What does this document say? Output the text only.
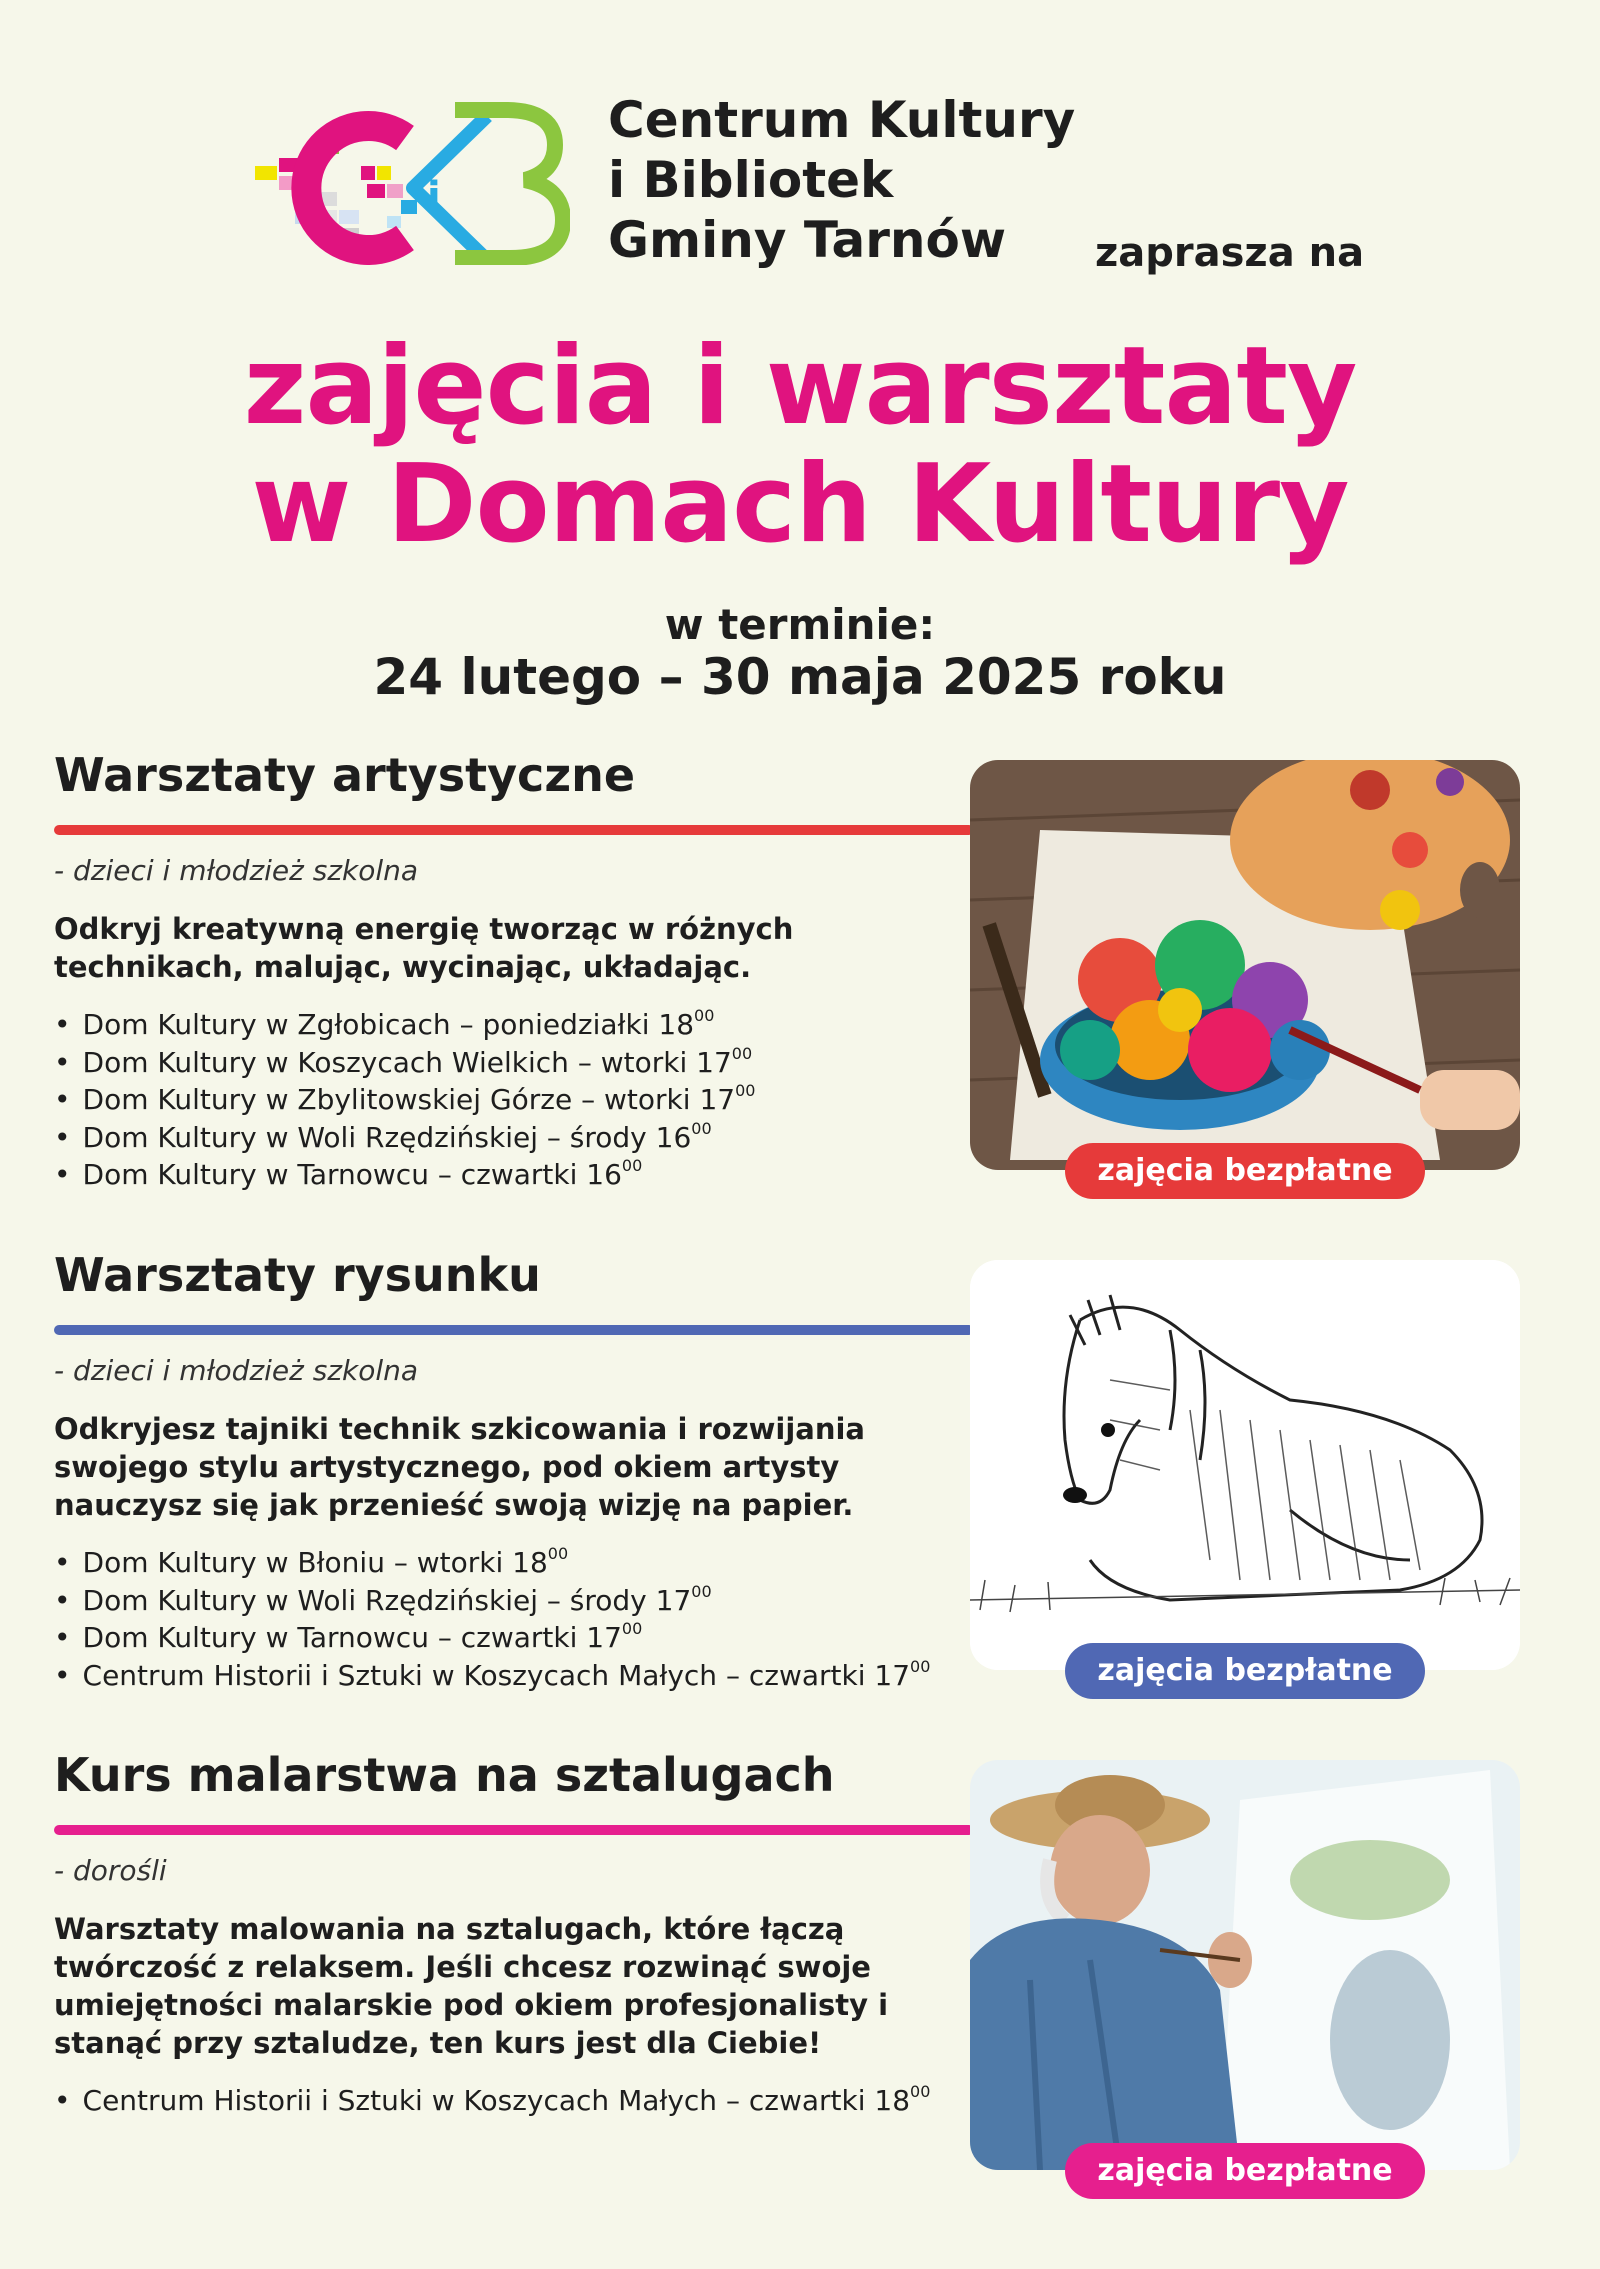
i
Centrum Kultury
i Bibliotek
Gminy Tarnów	zaprasza na
zajęcia i warsztaty
w Domach Kultury
w terminie:
24 lutego – 30 maja 2025 roku
Warsztaty artystyczne
- dzieci i młodzież szkolna
Odkryj kreatywną energię tworząc w różnych technikach, malując, wycinając, układając.
• Dom Kultury w Zgłobicach – poniedziałki $18^{00}$
• Dom Kultury w Koszycach Wielkich – wtorki $17^{00}$
• Dom Kultury w Zbylitowskiej Górze – wtorki $17^{00}$
• Dom Kultury w Woli Rzędzińskiej – środy $16^{00}$
• Dom Kultury w Tarnowcu – czwartki $16^{00}$	zajęcia bezpłatne
Warsztaty rysunku
- dzieci i młodzież szkolna
Odkryjesz tajniki technik szkicowania i rozwijania swojego stylu artystycznego, pod okiem artysty nauczysz się jak przenieść swoją wizję na papier.
• Dom Kultury w Błoniu – wtorki $18^{00}$
• Dom Kultury w Woli Rzędzińskiej – środy $17^{00}$
• Dom Kultury w Tarnowcu – czwartki $17^{00}$
• Centrum Historii i Sztuki w Koszycach Małych – czwartki $17^{00}$	zajęcia bezpłatne
Kurs malarstwa na sztalugach
- dorośli
Warsztaty malowania na sztalugach, które łączą twórczość z relaksem. Jeśli chcesz rozwinąć swoje umiejętności malarskie pod okiem profesjonalisty i stanąć przy sztaludze, ten kurs jest dla Ciebie!
• Centrum Historii i Sztuki w Koszycach Małych – czwartki $18^{00}$
zajęcia bezpłatne
